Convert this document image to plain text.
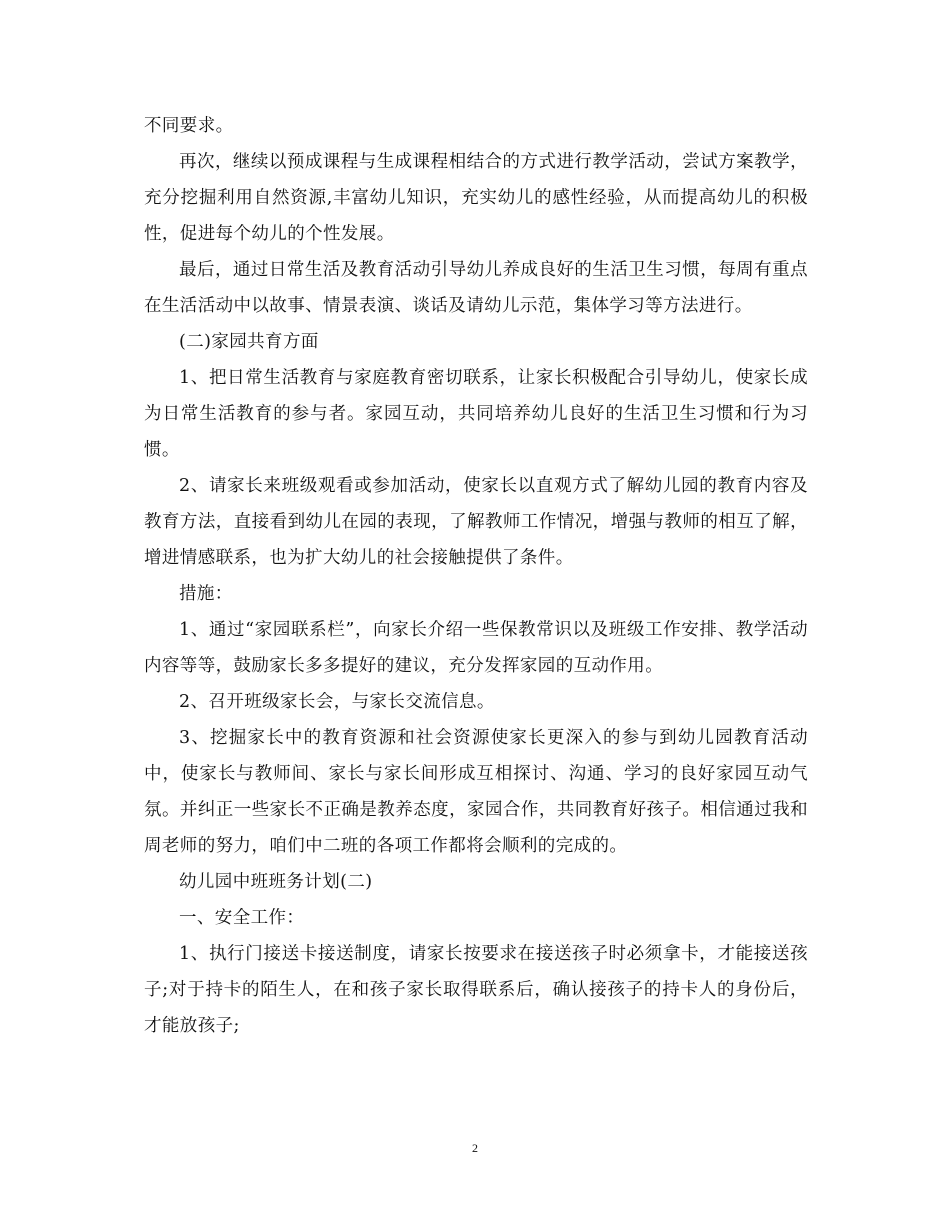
不同要求。

再次，继续以预成课程与生成课程相结合的方式进行教学活动，尝试方案教学，充分挖掘利用自然资源,丰富幼儿知识，充实幼儿的感性经验，从而提高幼儿的积极性，促进每个幼儿的个性发展。

最后，通过日常生活及教育活动引导幼儿养成良好的生活卫生习惯，每周有重点在生活活动中以故事、情景表演、谈话及请幼儿示范，集体学习等方法进行。

(二)家园共育方面

1、把日常生活教育与家庭教育密切联系，让家长积极配合引导幼儿，使家长成为日常生活教育的参与者。家园互动，共同培养幼儿良好的生活卫生习惯和行为习惯。

2、请家长来班级观看或参加活动，使家长以直观方式了解幼儿园的教育内容及教育方法，直接看到幼儿在园的表现，了解教师工作情况，增强与教师的相互了解，增进情感联系，也为扩大幼儿的社会接触提供了条件。

措施：

1、通过“家园联系栏”，向家长介绍一些保教常识以及班级工作安排、教学活动内容等等，鼓励家长多多提好的建议，充分发挥家园的互动作用。

2、召开班级家长会，与家长交流信息。

3、挖掘家长中的教育资源和社会资源使家长更深入的参与到幼儿园教育活动中，使家长与教师间、家长与家长间形成互相探讨、沟通、学习的良好家园互动气氛。并纠正一些家长不正确是教养态度，家园合作，共同教育好孩子。相信通过我和周老师的努力，咱们中二班的各项工作都将会顺利的完成的。

幼儿园中班班务计划(二)

一、安全工作：

1、执行门接送卡接送制度，请家长按要求在接送孩子时必须拿卡，才能接送孩子;对于持卡的陌生人，在和孩子家长取得联系后，确认接孩子的持卡人的身份后，才能放孩子;

2
